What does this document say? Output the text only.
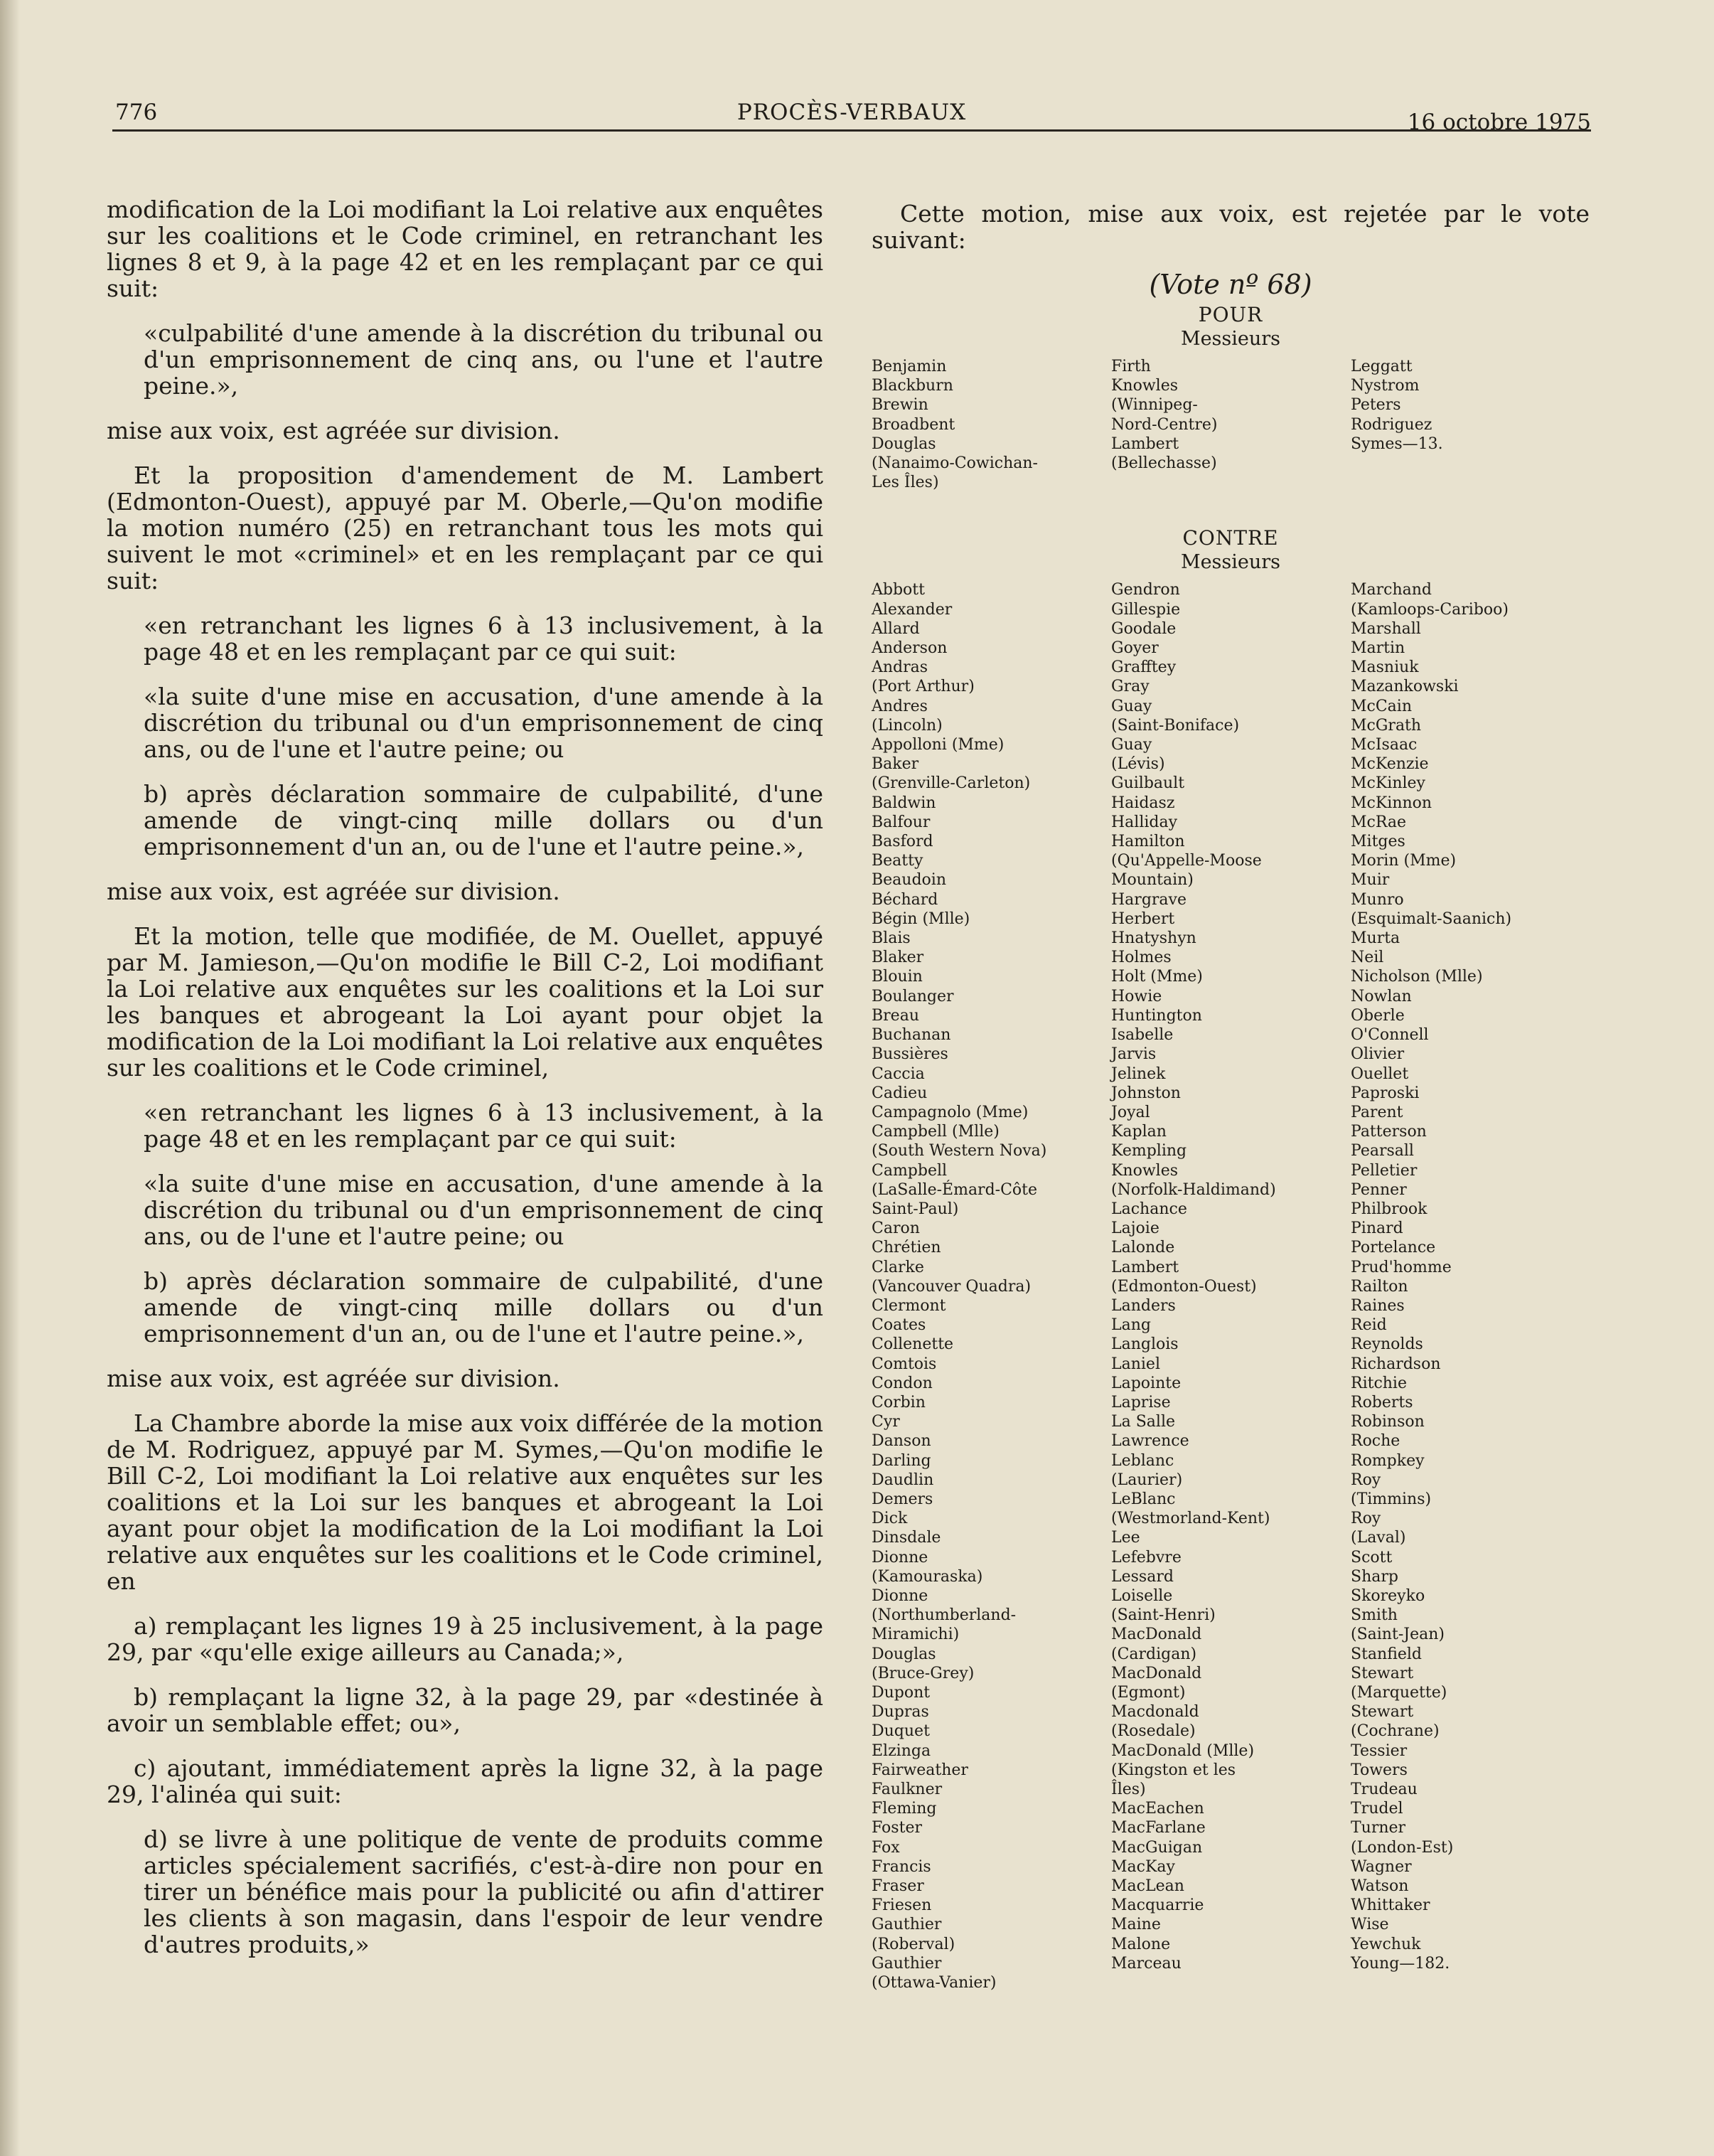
776	PROCÈS-VERBAUX	16 octobre 1975

modification de la Loi modifiant la Loi relative aux enquêtes sur les coalitions et le Code criminel, en retranchant les lignes 8 et 9, à la page 42 et en les remplaçant par ce qui suit:

«culpabilité d'une amende à la discrétion du tribunal ou d'un emprisonnement de cinq ans, ou l'une et l'autre peine.»,

mise aux voix, est agréée sur division.

Et la proposition d'amendement de M. Lambert (Edmonton-Ouest), appuyé par M. Oberle,—Qu'on modifie la motion numéro (25) en retranchant tous les mots qui suivent le mot «criminel» et en les remplaçant par ce qui suit:

«en retranchant les lignes 6 à 13 inclusivement, à la page 48 et en les remplaçant par ce qui suit:

«la suite d'une mise en accusation, d'une amende à la discrétion du tribunal ou d'un emprisonnement de cinq ans, ou de l'une et l'autre peine; ou

b) après déclaration sommaire de culpabilité, d'une amende de vingt-cinq mille dollars ou d'un emprisonnement d'un an, ou de l'une et l'autre peine.»,

mise aux voix, est agréée sur division.

Et la motion, telle que modifiée, de M. Ouellet, appuyé par M. Jamieson,—Qu'on modifie le Bill C-2, Loi modifiant la Loi relative aux enquêtes sur les coalitions et la Loi sur les banques et abrogeant la Loi ayant pour objet la modification de la Loi modifiant la Loi relative aux enquêtes sur les coalitions et le Code criminel,

«en retranchant les lignes 6 à 13 inclusivement, à la page 48 et en les remplaçant par ce qui suit:

«la suite d'une mise en accusation, d'une amende à la discrétion du tribunal ou d'un emprisonnement de cinq ans, ou de l'une et l'autre peine; ou

b) après déclaration sommaire de culpabilité, d'une amende de vingt-cinq mille dollars ou d'un emprisonnement d'un an, ou de l'une et l'autre peine.»,

mise aux voix, est agréée sur division.

La Chambre aborde la mise aux voix différée de la motion de M. Rodriguez, appuyé par M. Symes,—Qu'on modifie le Bill C-2, Loi modifiant la Loi relative aux enquêtes sur les coalitions et la Loi sur les banques et abrogeant la Loi ayant pour objet la modification de la Loi modifiant la Loi relative aux enquêtes sur les coalitions et le Code criminel, en

a) remplaçant les lignes 19 à 25 inclusivement, à la page 29, par «qu'elle exige ailleurs au Canada;»,

b) remplaçant la ligne 32, à la page 29, par «destinée à avoir un semblable effet; ou»,

c) ajoutant, immédiatement après la ligne 32, à la page 29, l'alinéa qui suit:

d) se livre à une politique de vente de produits comme articles spécialement sacrifiés, c'est-à-dire non pour en tirer un bénéfice mais pour la publicité ou afin d'attirer les clients à son magasin, dans l'espoir de leur vendre d'autres produits,»

Cette motion, mise aux voix, est rejetée par le vote suivant:

(Vote nº 68)
POUR
Messieurs
Benjamin
Blackburn
Brewin
Broadbent
Douglas
(Nanaimo-Cowichan-
Les Îles)
Firth
Knowles
(Winnipeg-
Nord-Centre)
Lambert
(Bellechasse)
Leggatt
Nystrom
Peters
Rodriguez
Symes—13.
CONTRE
Messieurs
Abbott
Alexander
Allard
Anderson
Andras
(Port Arthur)
Andres
(Lincoln)
Appolloni (Mme)
Baker
(Grenville-Carleton)
Baldwin
Balfour
Basford
Beatty
Beaudoin
Béchard
Bégin (Mlle)
Blais
Blaker
Blouin
Boulanger
Breau
Buchanan
Bussières
Caccia
Cadieu
Campagnolo (Mme)
Campbell (Mlle)
(South Western Nova)
Campbell
(LaSalle-Émard-Côte
Saint-Paul)
Caron
Chrétien
Clarke
(Vancouver Quadra)
Clermont
Coates
Collenette
Comtois
Condon
Corbin
Cyr
Danson
Darling
Daudlin
Demers
Dick
Dinsdale
Dionne
(Kamouraska)
Dionne
(Northumberland-
Miramichi)
Douglas
(Bruce-Grey)
Dupont
Dupras
Duquet
Elzinga
Fairweather
Faulkner
Fleming
Foster
Fox
Francis
Fraser
Friesen
Gauthier
(Roberval)
Gauthier
(Ottawa-Vanier)
Gendron
Gillespie
Goodale
Goyer
Grafftey
Gray
Guay
(Saint-Boniface)
Guay
(Lévis)
Guilbault
Haidasz
Halliday
Hamilton
(Qu'Appelle-Moose
Mountain)
Hargrave
Herbert
Hnatyshyn
Holmes
Holt (Mme)
Howie
Huntington
Isabelle
Jarvis
Jelinek
Johnston
Joyal
Kaplan
Kempling
Knowles
(Norfolk-Haldimand)
Lachance
Lajoie
Lalonde
Lambert
(Edmonton-Ouest)
Landers
Lang
Langlois
Laniel
Lapointe
Laprise
La Salle
Lawrence
Leblanc
(Laurier)
LeBlanc
(Westmorland-Kent)
Lee
Lefebvre
Lessard
Loiselle
(Saint-Henri)
MacDonald
(Cardigan)
MacDonald
(Egmont)
Macdonald
(Rosedale)
MacDonald (Mlle)
(Kingston et les
Îles)
MacEachen
MacFarlane
MacGuigan
MacKay
MacLean
Macquarrie
Maine
Malone
Marceau
Marchand
(Kamloops-Cariboo)
Marshall
Martin
Masniuk
Mazankowski
McCain
McGrath
McIsaac
McKenzie
McKinley
McKinnon
McRae
Mitges
Morin (Mme)
Muir
Munro
(Esquimalt-Saanich)
Murta
Neil
Nicholson (Mlle)
Nowlan
Oberle
O'Connell
Olivier
Ouellet
Paproski
Parent
Patterson
Pearsall
Pelletier
Penner
Philbrook
Pinard
Portelance
Prud'homme
Railton
Raines
Reid
Reynolds
Richardson
Ritchie
Roberts
Robinson
Roche
Rompkey
Roy
(Timmins)
Roy
(Laval)
Scott
Sharp
Skoreyko
Smith
(Saint-Jean)
Stanfield
Stewart
(Marquette)
Stewart
(Cochrane)
Tessier
Towers
Trudeau
Trudel
Turner
(London-Est)
Wagner
Watson
Whittaker
Wise
Yewchuk
Young—182.
